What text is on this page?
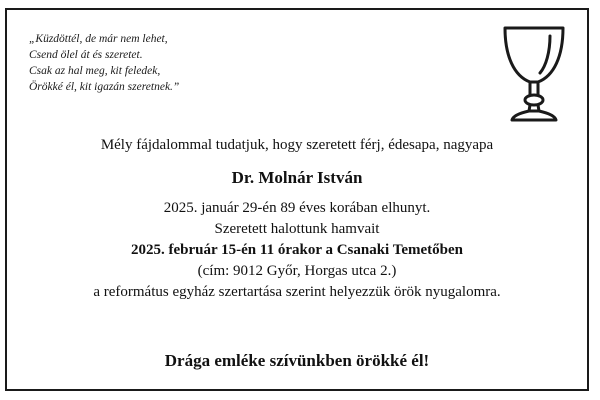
„Küzdöttél, de már nem lehet,
Csend ölel át és szeretet.
Csak az hal meg, kit feledek,
Örökké él, kit igazán szeretnek.”
Mély fájdalommal tudatjuk, hogy szeretett férj, édesapa, nagyapa
Dr. Molnár István
2025. január 29-én 89 éves korában elhunyt.
Szeretett halottunk hamvait
2025. február 15-én 11 órakor a Csanaki Temetőben
(cím: 9012 Győr, Horgas utca 2.)
a református egyház szertartása szerint helyezzük örök nyugalomra.
Drága emléke szívünkben örökké él!
